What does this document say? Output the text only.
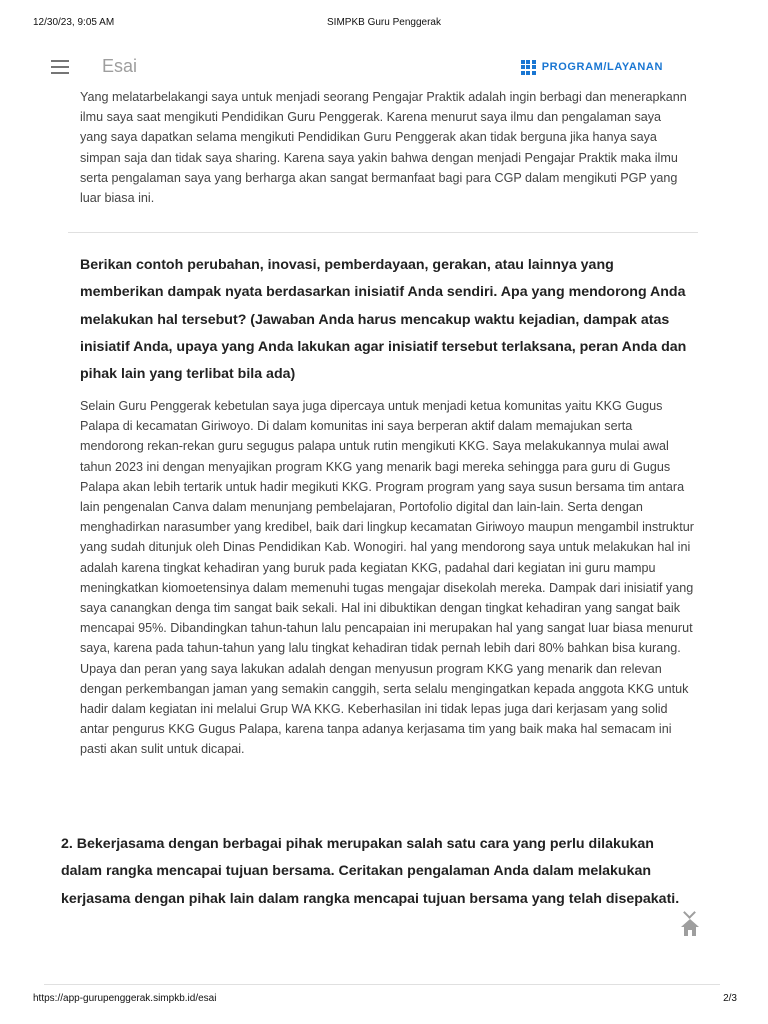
12/30/23, 9:05 AM	SIMPKB Guru Penggerak

Yang melatarbelakangi saya untuk menjadi seorang Pengajar Praktik adalah ingin berbagi dan menerapkann ilmu saya saat mengikuti Pendidikan Guru Penggerak. Karena menurut saya ilmu dan pengalaman saya yang saya dapatkan selama mengikuti Pendidikan Guru Penggerak akan tidak berguna jika hanya saya simpan saja dan tidak saya sharing. Karena saya yakin bahwa dengan menjadi Pengajar Praktik maka ilmu serta pengalaman saya yang berharga akan sangat bermanfaat bagi para CGP dalam mengikuti PGP yang luar biasa ini.

Berikan contoh perubahan, inovasi, pemberdayaan, gerakan, atau lainnya yang memberikan dampak nyata berdasarkan inisiatif Anda sendiri. Apa yang mendorong Anda melakukan hal tersebut? (Jawaban Anda harus mencakup waktu kejadian, dampak atas inisiatif Anda, upaya yang Anda lakukan agar inisiatif tersebut terlaksana, peran Anda dan pihak lain yang terlibat bila ada)

Selain Guru Penggerak kebetulan saya juga dipercaya untuk menjadi ketua komunitas yaitu KKG Gugus Palapa di kecamatan Giriwoyo. Di dalam komunitas ini saya berperan aktif dalam memajukan serta mendorong rekan-rekan guru segugus palapa untuk rutin mengikuti KKG. Saya melakukannya mulai awal tahun 2023 ini dengan menyajikan program KKG yang menarik bagi mereka sehingga para guru di Gugus Palapa akan lebih tertarik untuk hadir megikuti KKG. Program program yang saya susun bersama tim antara lain pengenalan Canva dalam menunjang pembelajaran, Portofolio digital dan lain-lain. Serta dengan menghadirkan narasumber yang kredibel, baik dari lingkup kecamatan Giriwoyo maupun mengambil instruktur yang sudah ditunjuk oleh Dinas Pendidikan Kab. Wonogiri. hal yang mendorong saya untuk melakukan hal ini adalah karena tingkat kehadiran yang buruk pada kegiatan KKG, padahal dari kegiatan ini guru mampu meningkatkan kiomoetensinya dalam memenuhi tugas mengajar disekolah mereka. Dampak dari inisiatif yang saya canangkan denga tim sangat baik sekali. Hal ini dibuktikan dengan tingkat kehadiran yang sangat baik mencapai 95%. Dibandingkan tahun-tahun lalu pencapaian ini merupakan hal yang sangat luar biasa menurut saya, karena pada tahun-tahun yang lalu tingkat kehadiran tidak pernah lebih dari 80% bahkan bisa kurang. Upaya dan peran yang saya lakukan adalah dengan menyusun program KKG yang menarik dan relevan dengan perkembangan jaman yang semakin canggih, serta selalu mengingatkan kepada anggota KKG untuk hadir dalam kegiatan ini melalui Grup WA KKG. Keberhasilan ini tidak lepas juga dari kerjasam yang solid antar pengurus KKG Gugus Palapa, karena tanpa adanya kerjasama tim yang baik maka hal semacam ini pasti akan sulit untuk dicapai.

2. Bekerjasama dengan berbagai pihak merupakan salah satu cara yang perlu dilakukan dalam rangka mencapai tujuan bersama. Ceritakan pengalaman Anda dalam melakukan kerjasama dengan pihak lain dalam rangka mencapai tujuan bersama yang telah disepakati.

Esai	PROGRAM/LAYANAN
https://app-gurupenggerak.simpkb.id/esai	2/3
